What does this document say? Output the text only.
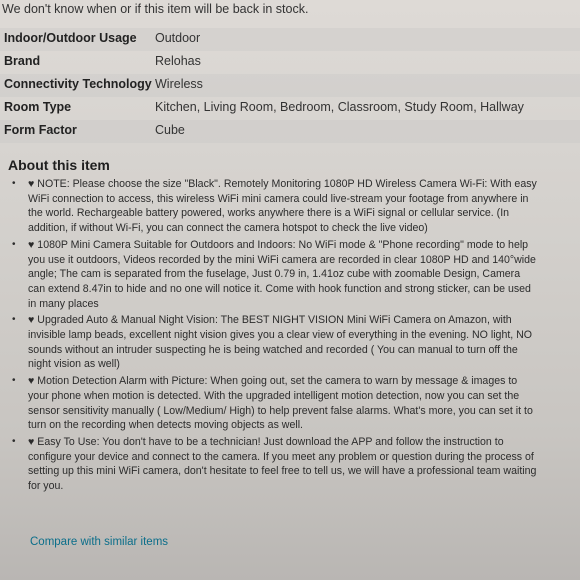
We don't know when or if this item will be back in stock.
Indoor/Outdoor Usage Outdoor
Brand	Relohas
Connectivity Technology Wireless
Room Type	Kitchen, Living Room, Bedroom, Classroom, Study Room, Hallway
Form Factor	Cube
About this item
• ♥ NOTE: Please choose the size "Black". Remotely Monitoring 1080P HD Wireless Camera Wi-Fi: With easy WiFi connection to access, this wireless WiFi mini camera could live-stream your footage from anywhere in the world. Rechargeable battery powered, works anywhere there is a WiFi signal or cellular service. (In addition, if without Wi-Fi, you can connect the camera hotspot to check the live video)
• ♥ 1080P Mini Camera Suitable for Outdoors and Indoors: No WiFi mode & "Phone recording" mode to help you use it outdoors, Videos recorded by the mini WiFi camera are recorded in clear 1080P HD and 140°wide angle; The cam is separated from the fuselage, Just 0.79 in, 1.41oz cube with zoomable Design, Camera can extend 8.47in to hide and no one will notice it. Come with hook function and strong sticker, can be used in many places
• ♥ Upgraded Auto & Manual Night Vision: The BEST NIGHT VISION Mini WiFi Camera on Amazon, with invisible lamp beads, excellent night vision gives you a clear view of everything in the evening. NO light, NO sounds without an intruder suspecting he is being watched and recorded ( You can manual to turn off the night vision as well)
• ♥ Motion Detection Alarm with Picture: When going out, set the camera to warn by message & images to your phone when motion is detected. With the upgraded intelligent motion detection, now you can set the sensor sensitivity manually ( Low/Medium/ High) to help prevent false alarms. What's more, you can set it to turn on the recording when detects moving objects as well.
• ♥ Easy To Use: You don't have to be a technician! Just download the APP and follow the instruction to configure your device and connect to the camera. If you meet any problem or question during the process of setting up this mini WiFi camera, don't hesitate to feel free to tell us, we will have a professional team waiting for you.
Compare with similar items
